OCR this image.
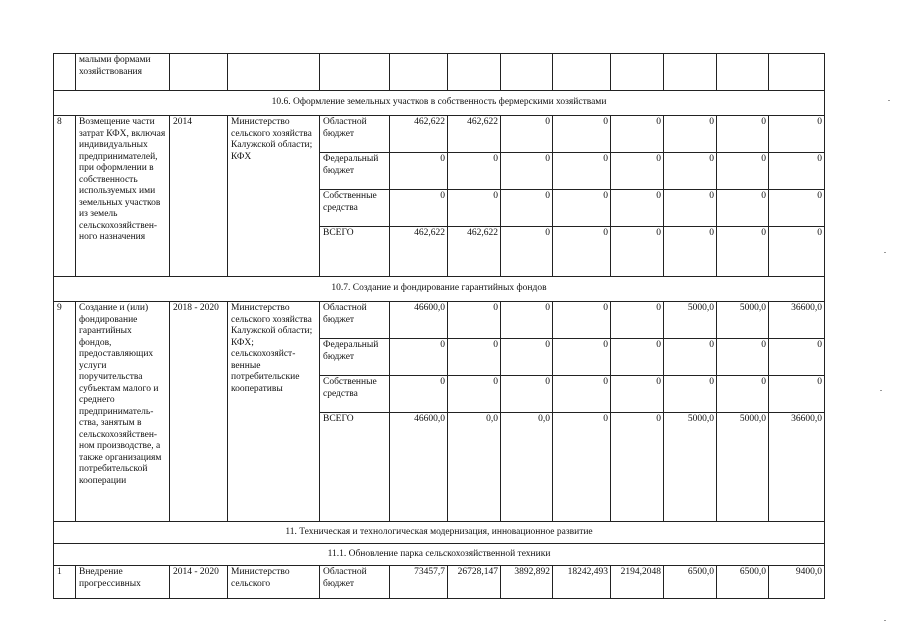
	малыми формами хозяйствования											
10.6. Оформление земельных участков в собственность фермерскими хозяйствами												
8	Возмещение части затрат КФХ, включая индивидуальных предпринимателей, при оформлении в собственность используемых ими земельных участков из земель сельскохозяйствен-ного назначения	2014	Министерство сельского хозяйства Калужской области; КФХ	Областной бюджет	462,622	462,622	0	0	0	0	0	0
				Федеральный бюджет	0	0	0	0	0	0	0	0
				Собственные средства	0	0	0	0	0	0	0	0
				ВСЕГО	462,622	462,622	0	0	0	0	0	0
10.7. Создание и фондирование гарантийных фондов												
9	Создание и (или) фондирование гарантийных фондов, предоставляющих услуги поручительства субъектам малого и среднего предприниматель-ства, занятым в сельскохозяйствен-ном производстве, а также организациям потребительской кооперации	2018 - 2020	Министерство сельского хозяйства Калужской области; КФХ; сельскохозяйст-венные потребительские кооперативы	Областной бюджет	46600,0	0	0	0	0	5000,0	5000,0	36600,0
				Федеральный бюджет	0	0	0	0	0	0	0	0
				Собственные средства	0	0	0	0	0	0	0	0
				ВСЕГО	46600,0	0,0	0,0	0	0	5000,0	5000,0	36600,0
11. Техническая и технологическая модернизация, инновационное развитие												
11.1. Обновление парка сельскохозяйственной техники												
1	Внедрение прогрессивных	2014 - 2020	Министерство сельского	Областной бюджет	73457,7	26728,147	3892,892	18242,493	2194,2048	6500,0	6500,0	9400,0
